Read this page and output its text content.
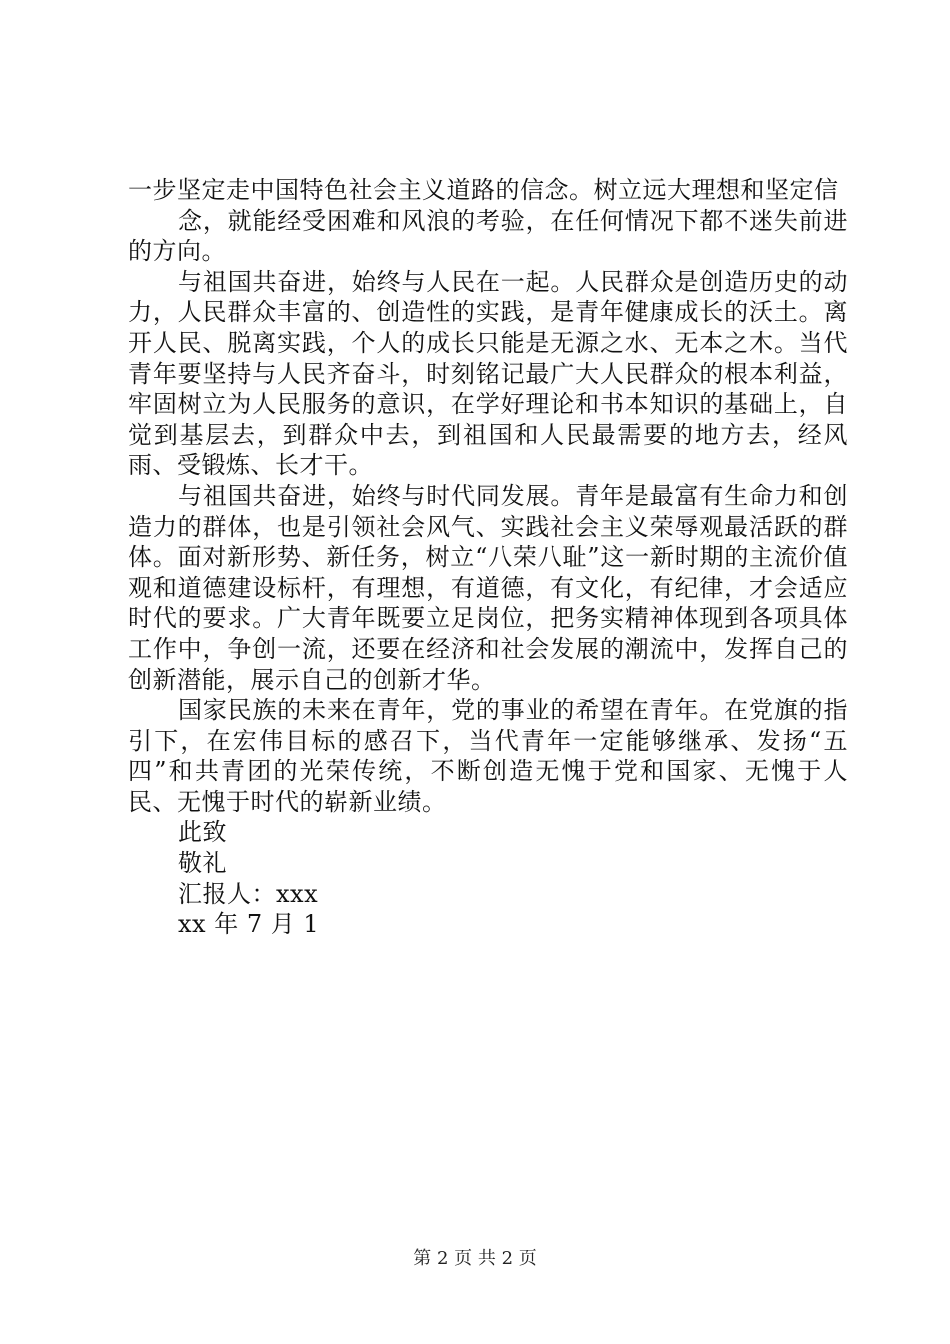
一步坚定走中国特色社会主义道路的信念。树立远大理想和坚定信

念，就能经受困难和风浪的考验，在任何情况下都不迷失前进的方向。

与祖国共奋进，始终与人民在一起。人民群众是创造历史的动力，人民群众丰富的、创造性的实践，是青年健康成长的沃土。离开人民、脱离实践，个人的成长只能是无源之水、无本之木。当代青年要坚持与人民齐奋斗，时刻铭记最广大人民群众的根本利益，牢固树立为人民服务的意识，在学好理论和书本知识的基础上，自觉到基层去，到群众中去，到祖国和人民最需要的地方去，经风雨、受锻炼、长才干。

与祖国共奋进，始终与时代同发展。青年是最富有生命力和创造力的群体，也是引领社会风气、实践社会主义荣辱观最活跃的群体。面对新形势、新任务，树立“八荣八耻”这一新时期的主流价值观和道德建设标杆，有理想，有道德，有文化，有纪律，才会适应时代的要求。广大青年既要立足岗位，把务实精神体现到各项具体工作中，争创一流，还要在经济和社会发展的潮流中，发挥自己的创新潜能，展示自己的创新才华。

国家民族的未来在青年，党的事业的希望在青年。在党旗的指引下，在宏伟目标的感召下，当代青年一定能够继承、发扬“五四”和共青团的光荣传统，不断创造无愧于党和国家、无愧于人民、无愧于时代的崭新业绩。

此致

敬礼

汇报人：xxx

xx 年 7 月 1

第 2 页 共 2 页
